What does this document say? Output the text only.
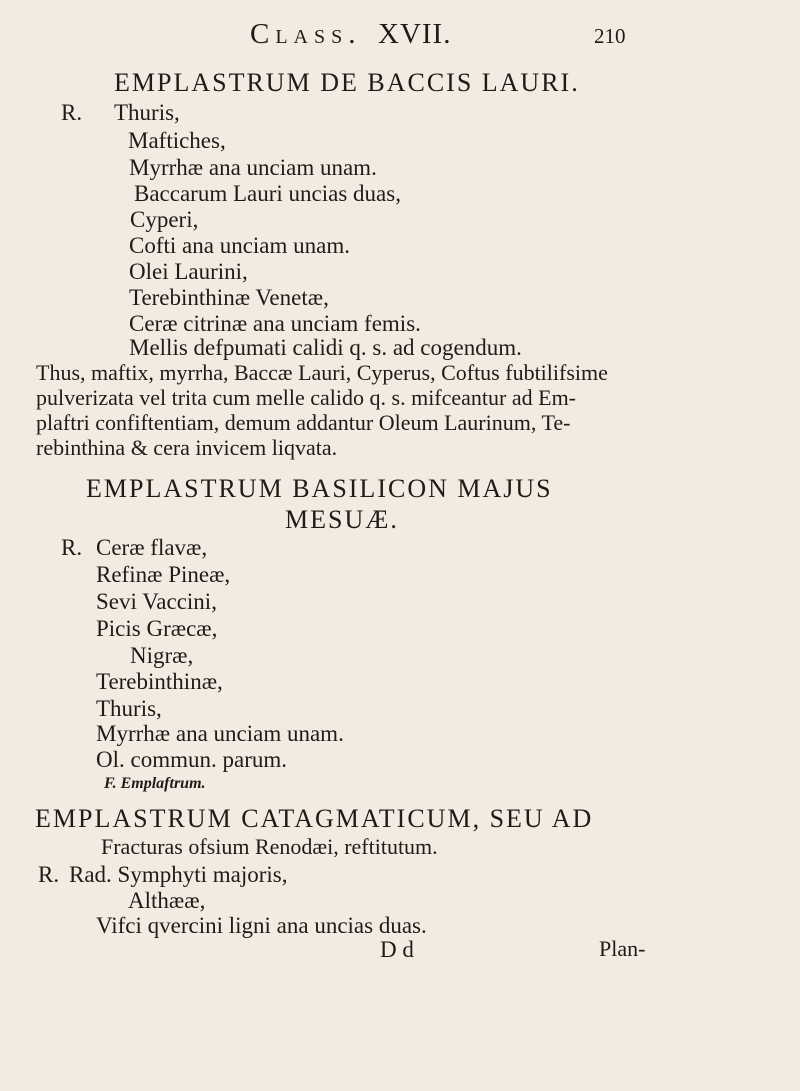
Class. XVII.	210
EMPLASTRUM DE BACCIS LAURI.
R. Thuris,
Maftiches,
Myrrhæ ana unciam unam.
Baccarum Lauri uncias duas,
Cyperi,
Cofti ana unciam unam.
Olei Laurini,
Terebinthinæ Venetæ,
Ceræ citrinæ ana unciam femis.
Mellis defpumati calidi q. s. ad cogendum.
Thus, maftix, myrrha, Baccæ Lauri, Cyperus, Coftus fubtilifsime
pulverizata vel trita cum melle calido q. s. mifceantur ad Em-
plaftri confiftentiam, demum addantur Oleum Laurinum, Te-
rebinthina & cera invicem liqvata.
EMPLASTRUM BASILICON MAJUS
MESUÆ.
R. Ceræ flavæ,
Refinæ Pineæ,
Sevi Vaccini,
Picis Græcæ,
Nigræ,
Terebinthinæ,
Thuris,
Myrrhæ ana unciam unam.
Ol. commun. parum.
F. Emplaftrum.
EMPLASTRUM CATAGMATICUM, SEU AD
Fracturas ofsium Renodæi, reftitutum.
R. Rad. Symphyti majoris,
Althææ,
Vifci qvercini ligni ana uncias duas.
D d	Plan-
